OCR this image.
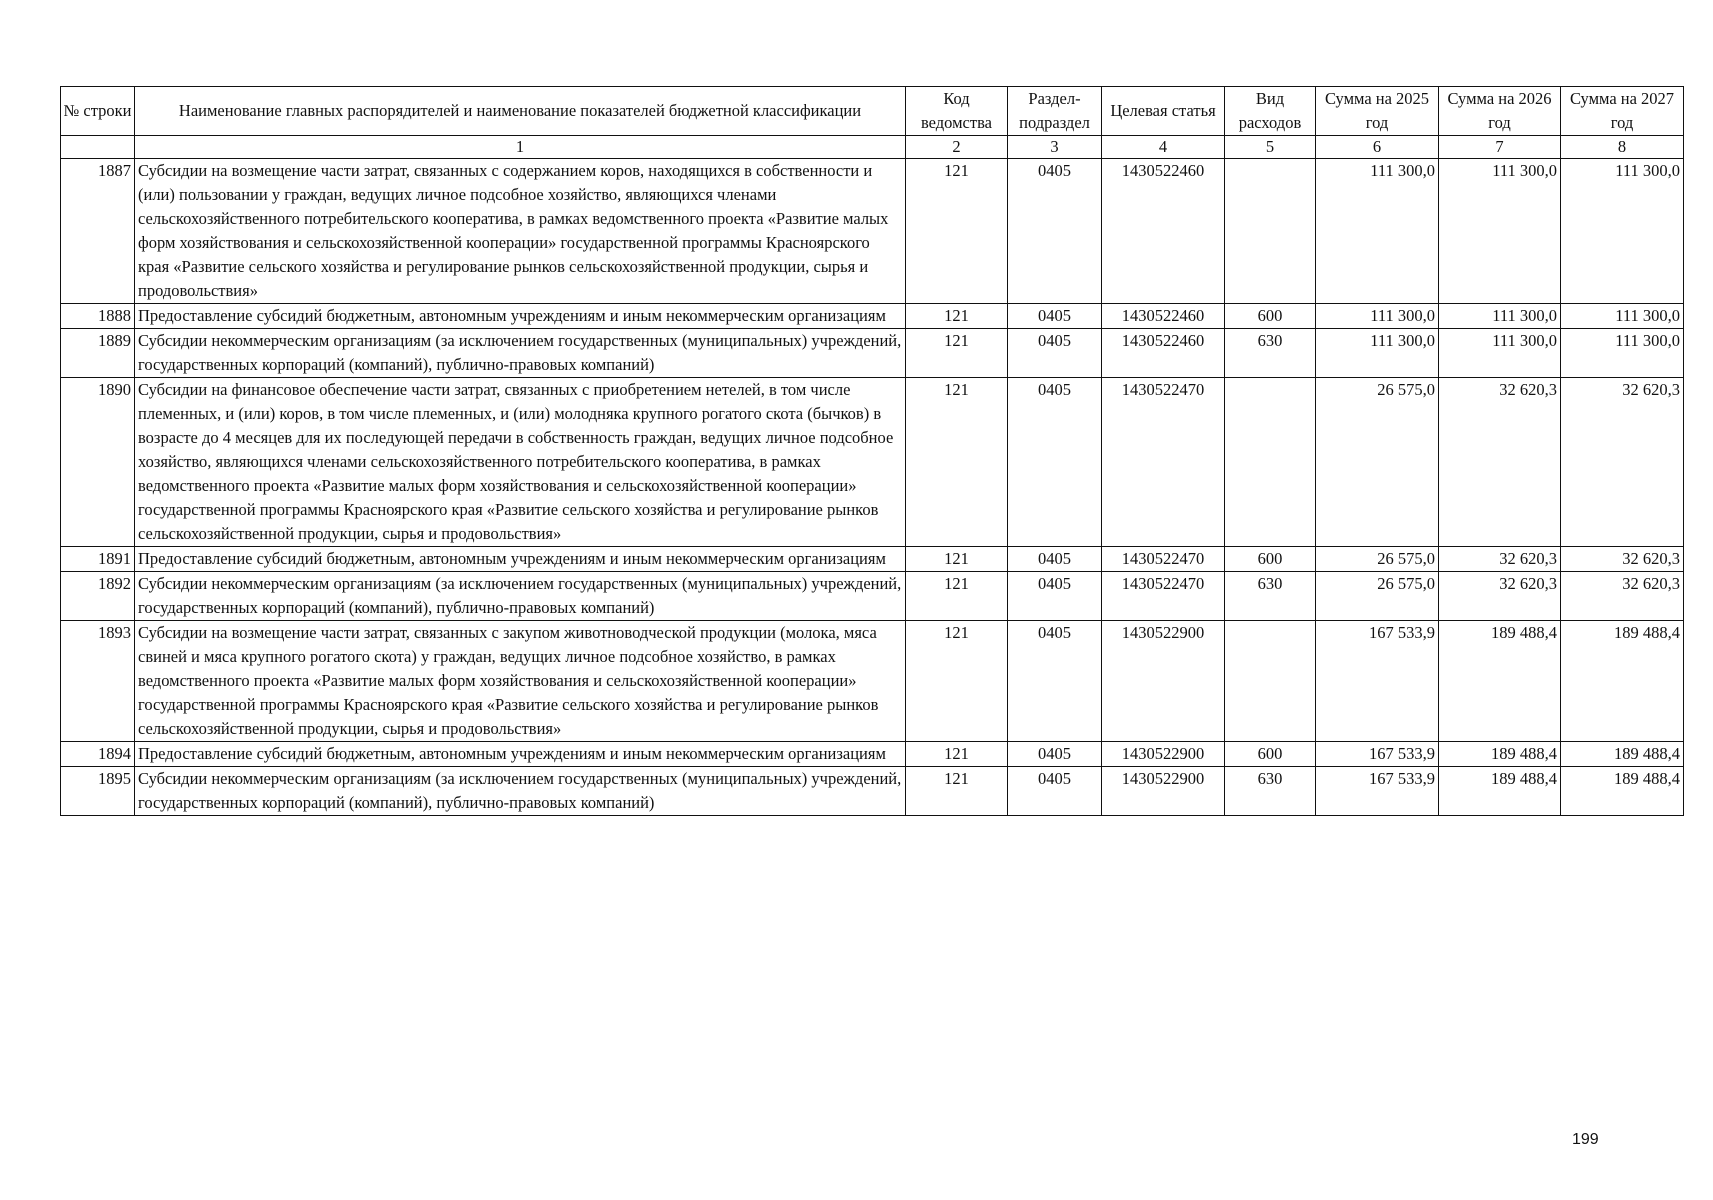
№ строки	Наименование главных распорядителей и наименование показателей бюджетной классификации	Код ведомства	Раздел-подраздел	Целевая статья	Вид расходов	Сумма на 2025 год	Сумма на 2026 год	Сумма на 2027 год
	1	2	3	4	5	6	7	8
1887	Субсидии на возмещение части затрат, связанных с содержанием коров, находящихся в собственности и (или) пользовании у граждан, ведущих личное подсобное хозяйство, являющихся членами сельскохозяйственного потребительского кооператива, в рамках ведомственного проекта «Развитие малых форм хозяйствования и сельскохозяйственной кооперации» государственной программы Красноярского края «Развитие сельского хозяйства и регулирование рынков сельскохозяйственной продукции, сырья и продовольствия»	121	0405	1430522460		111 300,0	111 300,0	111 300,0
1888	Предоставление субсидий бюджетным, автономным учреждениям и иным некоммерческим организациям	121	0405	1430522460	600	111 300,0	111 300,0	111 300,0
1889	Субсидии некоммерческим организациям (за исключением государственных (муниципальных) учреждений, государственных корпораций (компаний), публично-правовых компаний)	121	0405	1430522460	630	111 300,0	111 300,0	111 300,0
1890	Субсидии на финансовое обеспечение части затрат, связанных с приобретением нетелей, в том числе племенных, и (или) коров, в том числе племенных, и (или) молодняка крупного рогатого скота (бычков) в возрасте до 4 месяцев для их последующей передачи в собственность граждан, ведущих личное подсобное хозяйство, являющихся членами сельскохозяйственного потребительского кооператива, в рамках ведомственного проекта «Развитие малых форм хозяйствования и сельскохозяйственной кооперации» государственной программы Красноярского края «Развитие сельского хозяйства и регулирование рынков сельскохозяйственной продукции, сырья и продовольствия»	121	0405	1430522470		26 575,0	32 620,3	32 620,3
1891	Предоставление субсидий бюджетным, автономным учреждениям и иным некоммерческим организациям	121	0405	1430522470	600	26 575,0	32 620,3	32 620,3
1892	Субсидии некоммерческим организациям (за исключением государственных (муниципальных) учреждений, государственных корпораций (компаний), публично-правовых компаний)	121	0405	1430522470	630	26 575,0	32 620,3	32 620,3
1893	Субсидии на возмещение части затрат, связанных с закупом животноводческой продукции (молока, мяса свиней и мяса крупного рогатого скота) у граждан, ведущих личное подсобное хозяйство, в рамках ведомственного проекта «Развитие малых форм хозяйствования и сельскохозяйственной кооперации» государственной программы Красноярского края «Развитие сельского хозяйства и регулирование рынков сельскохозяйственной продукции, сырья и продовольствия»	121	0405	1430522900		167 533,9	189 488,4	189 488,4
1894	Предоставление субсидий бюджетным, автономным учреждениям и иным некоммерческим организациям	121	0405	1430522900	600	167 533,9	189 488,4	189 488,4
1895	Субсидии некоммерческим организациям (за исключением государственных (муниципальных) учреждений, государственных корпораций (компаний), публично-правовых компаний)	121	0405	1430522900	630	167 533,9	189 488,4	189 488,4
199
